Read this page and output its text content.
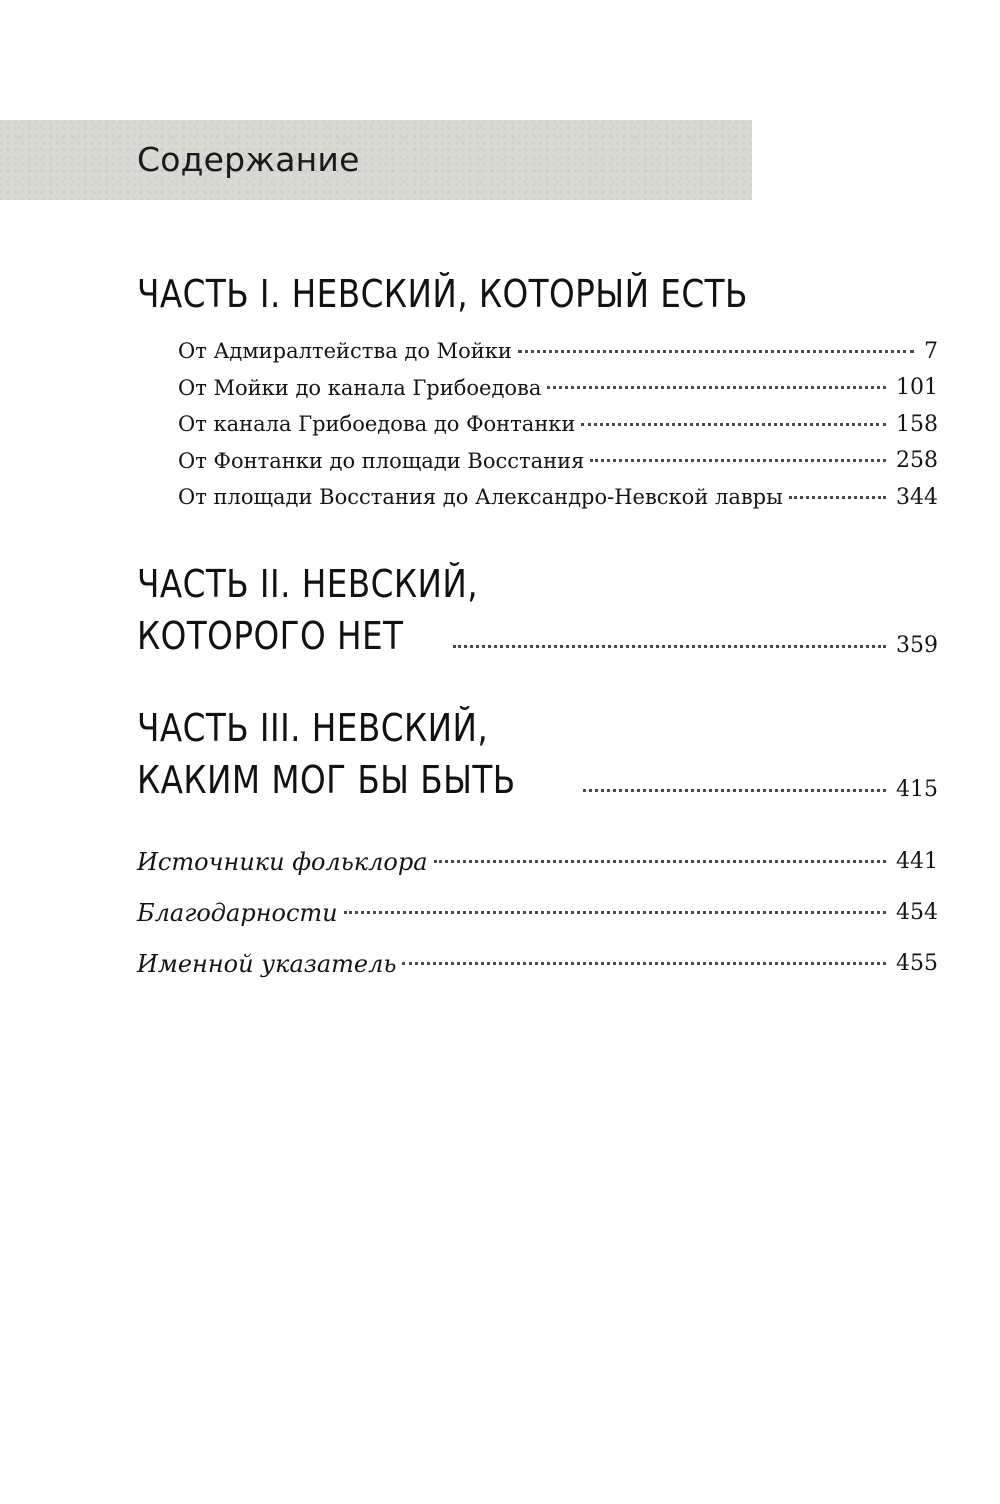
Содержание
ЧАСТЬ I. НЕВСКИЙ, КОТОРЫЙ ЕСТЬ
От Адмиралтейства до Мойки	7
От Мойки до канала Грибоедова	101
От канала Грибоедова до Фонтанки	158
От Фонтанки до площади Восстания	258
От площади Восстания до Александро-Невской лавры	344
ЧАСТЬ II. НЕВСКИЙ,
КОТОРОГО НЕТ	359
ЧАСТЬ III. НЕВСКИЙ,
КАКИМ МОГ БЫ БЫТЬ	415
Источники фольклора	441
Благодарности	454
Именной указатель	455
